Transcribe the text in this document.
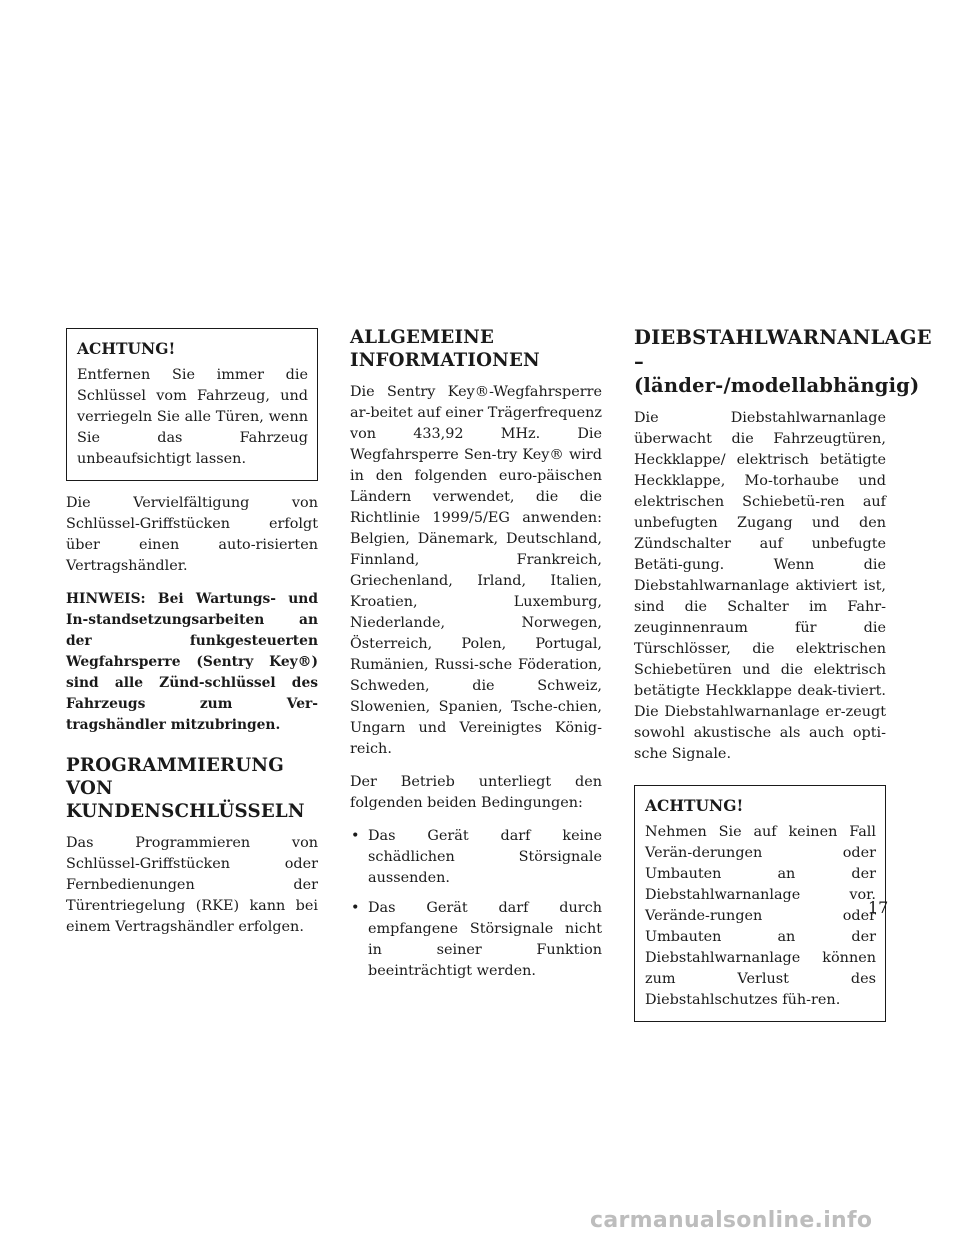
ACHTUNG!

Entfernen Sie immer die Schlüssel vom Fahrzeug, und verriegeln Sie alle Türen, wenn Sie das Fahrzeug unbeaufsichtigt lassen.

Die Vervielfältigung von Schlüssel-Griffstücken erfolgt über einen auto-risierten Vertragshändler.

HINWEIS: Bei Wartungs- und In-standsetzungsarbeiten an der funkgesteuerten Wegfahrsperre (Sentry Key®) sind alle Zünd-schlüssel des Fahrzeugs zum Ver-tragshändler mitzubringen.
PROGRAMMIERUNG VON KUNDENSCHLÜSSELN

Das Programmieren von Schlüssel-Griffstücken oder Fernbedienungen der Türentriegelung (RKE) kann bei einem Vertragshändler erfolgen.

ALLGEMEINE INFORMATIONEN

Die Sentry Key®-Wegfahrsperre ar-beitet auf einer Trägerfrequenz von 433,92 MHz. Die Wegfahrsperre Sen-try Key® wird in den folgenden euro-päischen Ländern verwendet, die die Richtlinie 1999/5/EG anwenden: Belgien, Dänemark, Deutschland, Finnland, Frankreich, Griechenland, Irland, Italien, Kroatien, Luxemburg, Niederlande, Norwegen, Österreich, Polen, Portugal, Rumänien, Russi-sche Föderation, Schweden, die Schweiz, Slowenien, Spanien, Tsche-chien, Ungarn und Vereinigtes König-reich.

Der Betrieb unterliegt den folgenden beiden Bedingungen:

• Das Gerät darf keine schädlichen Störsignale aussenden.
• Das Gerät darf durch empfangene Störsignale nicht in seiner Funktion beeinträchtigt werden.
DIEBSTAHLWARNANLAGE – (länder-/modellabhängig)

Die Diebstahlwarnanlage überwacht die Fahrzeugtüren, Heckklappe/ elektrisch betätigte Heckklappe, Mo-torhaube und elektrischen Schiebetü-ren auf unbefugten Zugang und den Zündschalter auf unbefugte Betäti-gung. Wenn die Diebstahlwarnanlage aktiviert ist, sind die Schalter im Fahr-zeuginnenraum für die Türschlösser, die elektrischen Schiebetüren und die elektrisch betätigte Heckklappe deak-tiviert. Die Diebstahlwarnanlage er-zeugt sowohl akustische als auch opti-sche Signale.

ACHTUNG!

Nehmen Sie auf keinen Fall Verän-derungen oder Umbauten an der Diebstahlwarnanlage vor. Verände-rungen oder Umbauten an der Diebstahlwarnanlage können zum Verlust des Diebstahlschutzes füh-ren.

17
carmanualsonline.info
